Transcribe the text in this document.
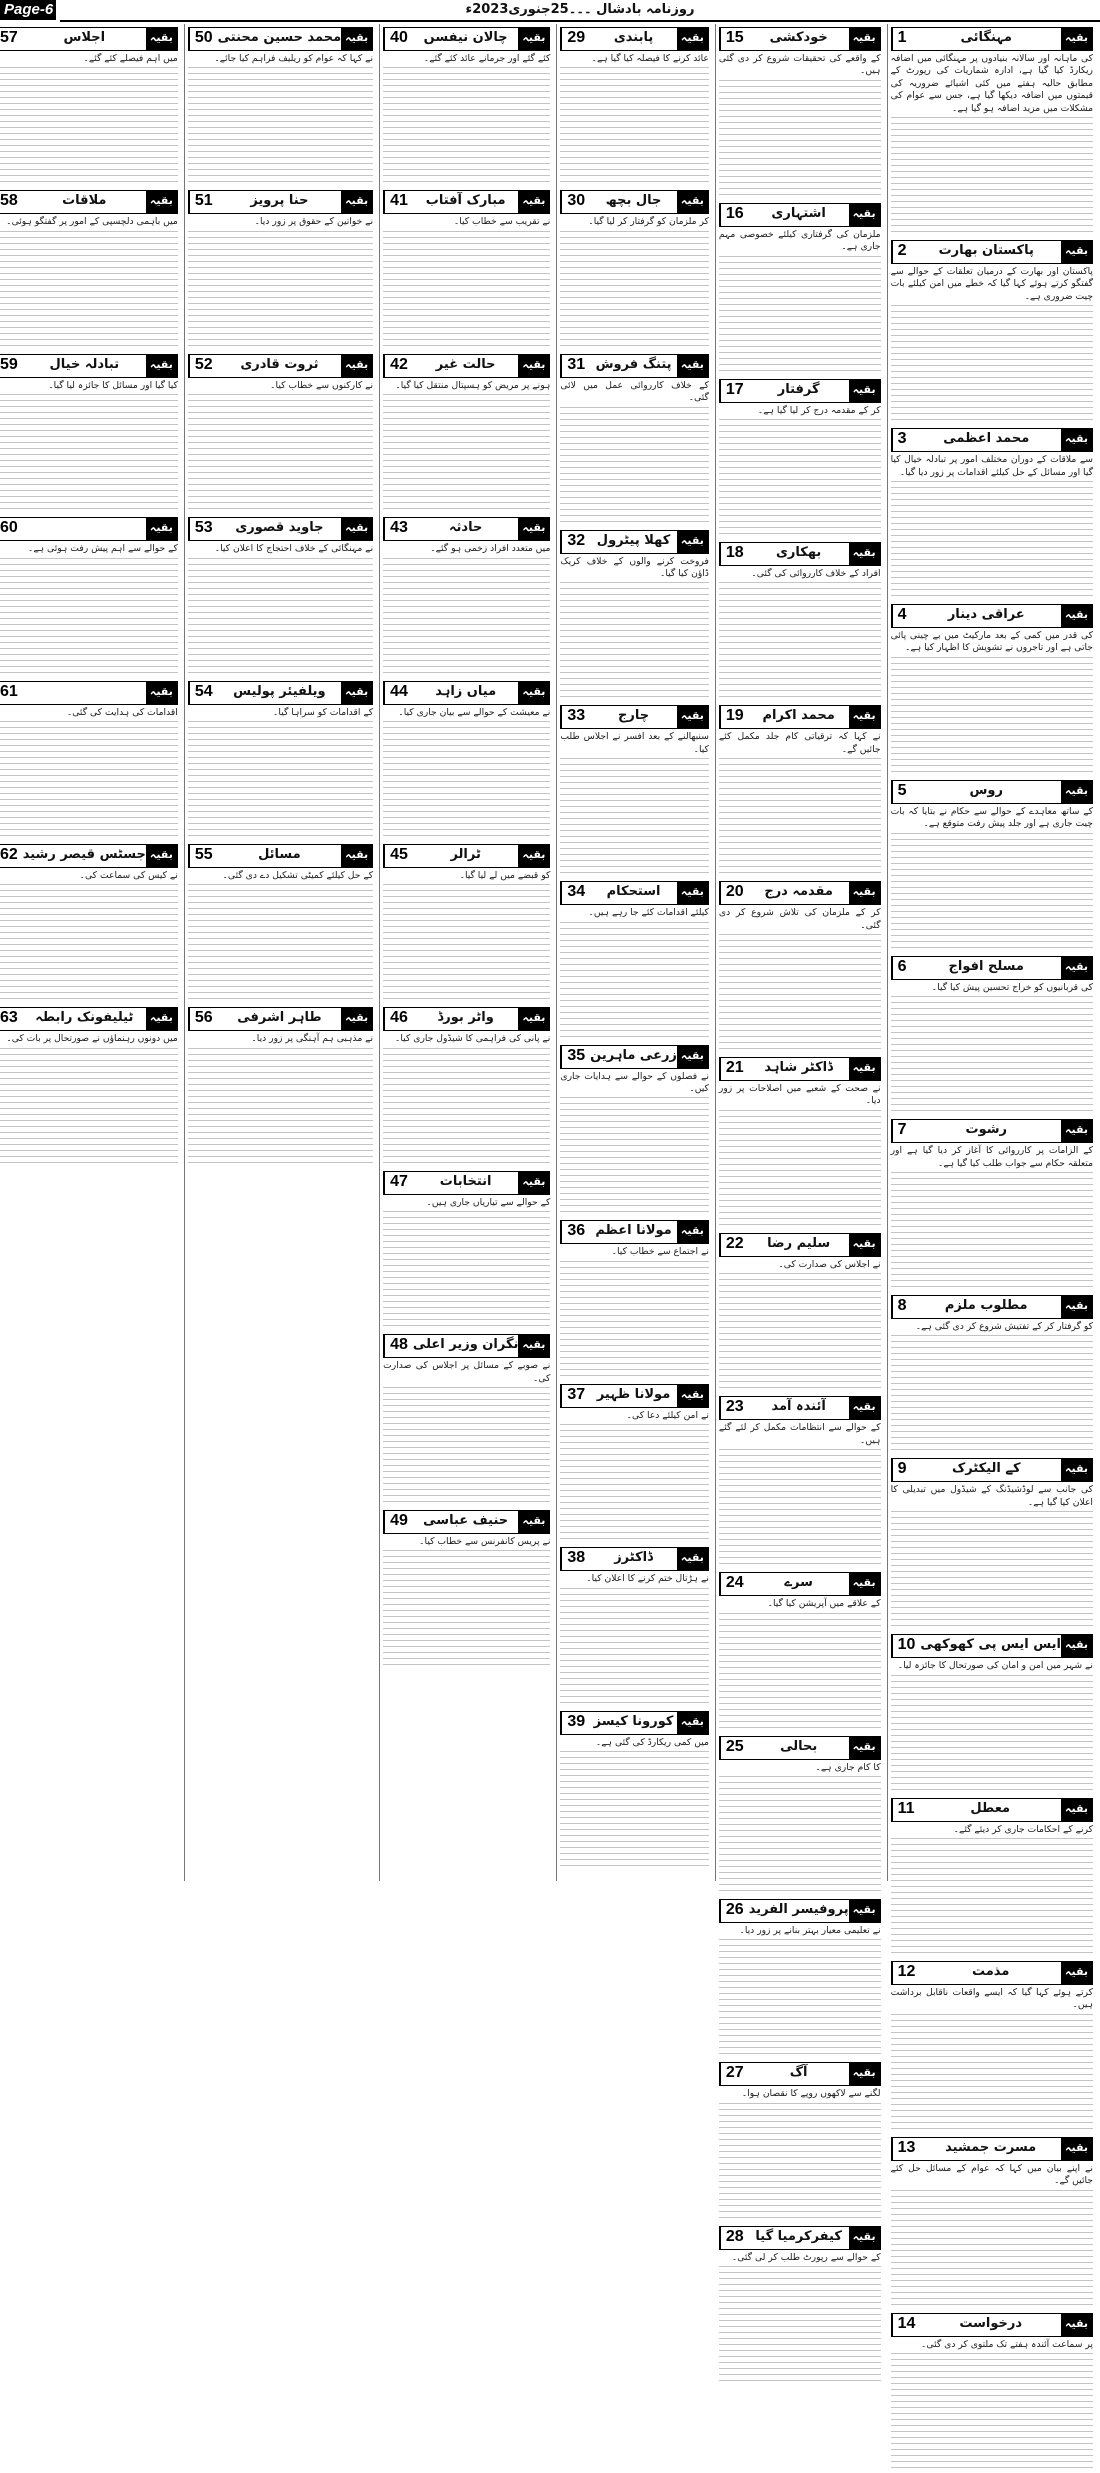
Page-6	روزنامہ بادشال ۔۔۔25جنوری2023ء
بقیہ
مہنگائی
1

کی ماہانہ اور سالانہ بنیادوں پر مہنگائی میں اضافہ ریکارڈ کیا گیا ہے، ادارہ شماریات کی رپورٹ کے مطابق حالیہ ہفتے میں کئی اشیائے ضروریہ کی قیمتوں میں اضافہ دیکھا گیا ہے، جس سے عوام کی مشکلات میں مزید اضافہ ہو گیا ہے۔

بقیہ
پاکستان بھارت
2

پاکستان اور بھارت کے درمیان تعلقات کے حوالے سے گفتگو کرتے ہوئے کہا گیا کہ خطے میں امن کیلئے بات چیت ضروری ہے۔

بقیہ
محمد اعظمی
3

سے ملاقات کے دوران مختلف امور پر تبادلہ خیال کیا گیا اور مسائل کے حل کیلئے اقدامات پر زور دیا گیا۔

بقیہ
عراقی دینار
4

کی قدر میں کمی کے بعد مارکیٹ میں بے چینی پائی جاتی ہے اور تاجروں نے تشویش کا اظہار کیا ہے۔

بقیہ
روس
5

کے ساتھ معاہدے کے حوالے سے حکام نے بتایا کہ بات چیت جاری ہے اور جلد پیش رفت متوقع ہے۔

بقیہ
مسلح افواج
6

کی قربانیوں کو خراج تحسین پیش کیا گیا۔

بقیہ
رشوت
7

کے الزامات پر کارروائی کا آغاز کر دیا گیا ہے اور متعلقہ حکام سے جواب طلب کیا گیا ہے۔

بقیہ
مطلوب ملزم
8

کو گرفتار کر کے تفتیش شروع کر دی گئی ہے۔

بقیہ
کے الیکٹرک
9

کی جانب سے لوڈشیڈنگ کے شیڈول میں تبدیلی کا اعلان کیا گیا ہے۔

بقیہ
ایس ایس پی کھوکھی
10

نے شہر میں امن و امان کی صورتحال کا جائزہ لیا۔

بقیہ
معطل
11

کرنے کے احکامات جاری کر دیئے گئے۔

بقیہ
مذمت
12

کرتے ہوئے کہا گیا کہ ایسے واقعات ناقابل برداشت ہیں۔

بقیہ
مسرت جمشید
13

نے اپنے بیان میں کہا کہ عوام کے مسائل حل کئے جائیں گے۔

بقیہ
درخواست
14

پر سماعت آئندہ ہفتے تک ملتوی کر دی گئی۔

بقیہ
خودکشی
15

کے واقعے کی تحقیقات شروع کر دی گئی ہیں۔

بقیہ
اشتہاری
16

ملزمان کی گرفتاری کیلئے خصوصی مہم جاری ہے۔

بقیہ
گرفتار
17

کر کے مقدمہ درج کر لیا گیا ہے۔

بقیہ
بھکاری
18

افراد کے خلاف کارروائی کی گئی۔

بقیہ
محمد اکرام
19

نے کہا کہ ترقیاتی کام جلد مکمل کئے جائیں گے۔

بقیہ
مقدمہ درج
20

کر کے ملزمان کی تلاش شروع کر دی گئی۔

بقیہ
ڈاکٹر شاہد
21

نے صحت کے شعبے میں اصلاحات پر زور دیا۔

بقیہ
سلیم رضا
22

نے اجلاس کی صدارت کی۔

بقیہ
آئندہ آمد
23

کے حوالے سے انتظامات مکمل کر لئے گئے ہیں۔

بقیہ
سرے
24

کے علاقے میں آپریشن کیا گیا۔

بقیہ
بحالی
25

کا کام جاری ہے۔

بقیہ
پروفیسر الفرید
26

نے تعلیمی معیار بہتر بنانے پر زور دیا۔

بقیہ
آگ
27

لگنے سے لاکھوں روپے کا نقصان ہوا۔

بقیہ
کیفرکرمیا گیا
28

کے حوالے سے رپورٹ طلب کر لی گئی۔

بقیہ
پابندی
29

عائد کرنے کا فیصلہ کیا گیا ہے۔

بقیہ
جال بچھ
30

کر ملزمان کو گرفتار کر لیا گیا۔

بقیہ
پتنگ فروش
31

کے خلاف کارروائی عمل میں لائی گئی۔

بقیہ
کھلا پیٹرول
32

فروخت کرنے والوں کے خلاف کریک ڈاؤن کیا گیا۔

بقیہ
چارج
33

سنبھالنے کے بعد افسر نے اجلاس طلب کیا۔

بقیہ
استحکام
34

کیلئے اقدامات کئے جا رہے ہیں۔

بقیہ
زرعی ماہرین
35

نے فصلوں کے حوالے سے ہدایات جاری کیں۔

بقیہ
مولانا اعظم
36

نے اجتماع سے خطاب کیا۔

بقیہ
مولانا ظہیر
37

نے امن کیلئے دعا کی۔

بقیہ
ڈاکٹرز
38

نے ہڑتال ختم کرنے کا اعلان کیا۔

بقیہ
کورونا کیسز
39

میں کمی ریکارڈ کی گئی ہے۔

بقیہ
چالان نیفسں
40

کئے گئے اور جرمانے عائد کئے گئے۔

بقیہ
مبارک آفتاب
41

نے تقریب سے خطاب کیا۔

بقیہ
حالت غیر
42

ہونے پر مریض کو ہسپتال منتقل کیا گیا۔

بقیہ
حادثہ
43

میں متعدد افراد زخمی ہو گئے۔

بقیہ
میاں زاہد
44

نے معیشت کے حوالے سے بیان جاری کیا۔

بقیہ
ٹرالر
45

کو قبضے میں لے لیا گیا۔

بقیہ
واٹر بورڈ
46

نے پانی کی فراہمی کا شیڈول جاری کیا۔

بقیہ
انتخابات
47

کے حوالے سے تیاریاں جاری ہیں۔

بقیہ
نگران وزیر اعلی
48

نے صوبے کے مسائل پر اجلاس کی صدارت کی۔

بقیہ
حنیف عباسی
49

نے پریس کانفرنس سے خطاب کیا۔

بقیہ
محمد حسین محنتی
50

نے کہا کہ عوام کو ریلیف فراہم کیا جائے۔

بقیہ
حنا پرویز
51

نے خواتین کے حقوق پر زور دیا۔

بقیہ
ثروت قادری
52

نے کارکنوں سے خطاب کیا۔

بقیہ
جاوید قصوری
53

نے مہنگائی کے خلاف احتجاج کا اعلان کیا۔

بقیہ
ویلفیئر پولیس
54

کے اقدامات کو سراہا گیا۔

بقیہ
مسائل
55

کے حل کیلئے کمیٹی تشکیل دے دی گئی۔

بقیہ
طاہر اشرفی
56

نے مذہبی ہم آہنگی پر زور دیا۔

بقیہ
اجلاس
57

میں اہم فیصلے کئے گئے۔

بقیہ
ملاقات
58

میں باہمی دلچسپی کے امور پر گفتگو ہوئی۔

بقیہ
تبادلہ خیال
59

کیا گیا اور مسائل کا جائزہ لیا گیا۔

بقیہ
60

کے حوالے سے اہم پیش رفت ہوئی ہے۔

بقیہ
61

اقدامات کی ہدایت کی گئی۔

بقیہ
جسٹس قیصر رشید
62

نے کیس کی سماعت کی۔

بقیہ
ٹیلیفونک رابطہ
63

میں دونوں رہنماؤں نے صورتحال پر بات کی۔
